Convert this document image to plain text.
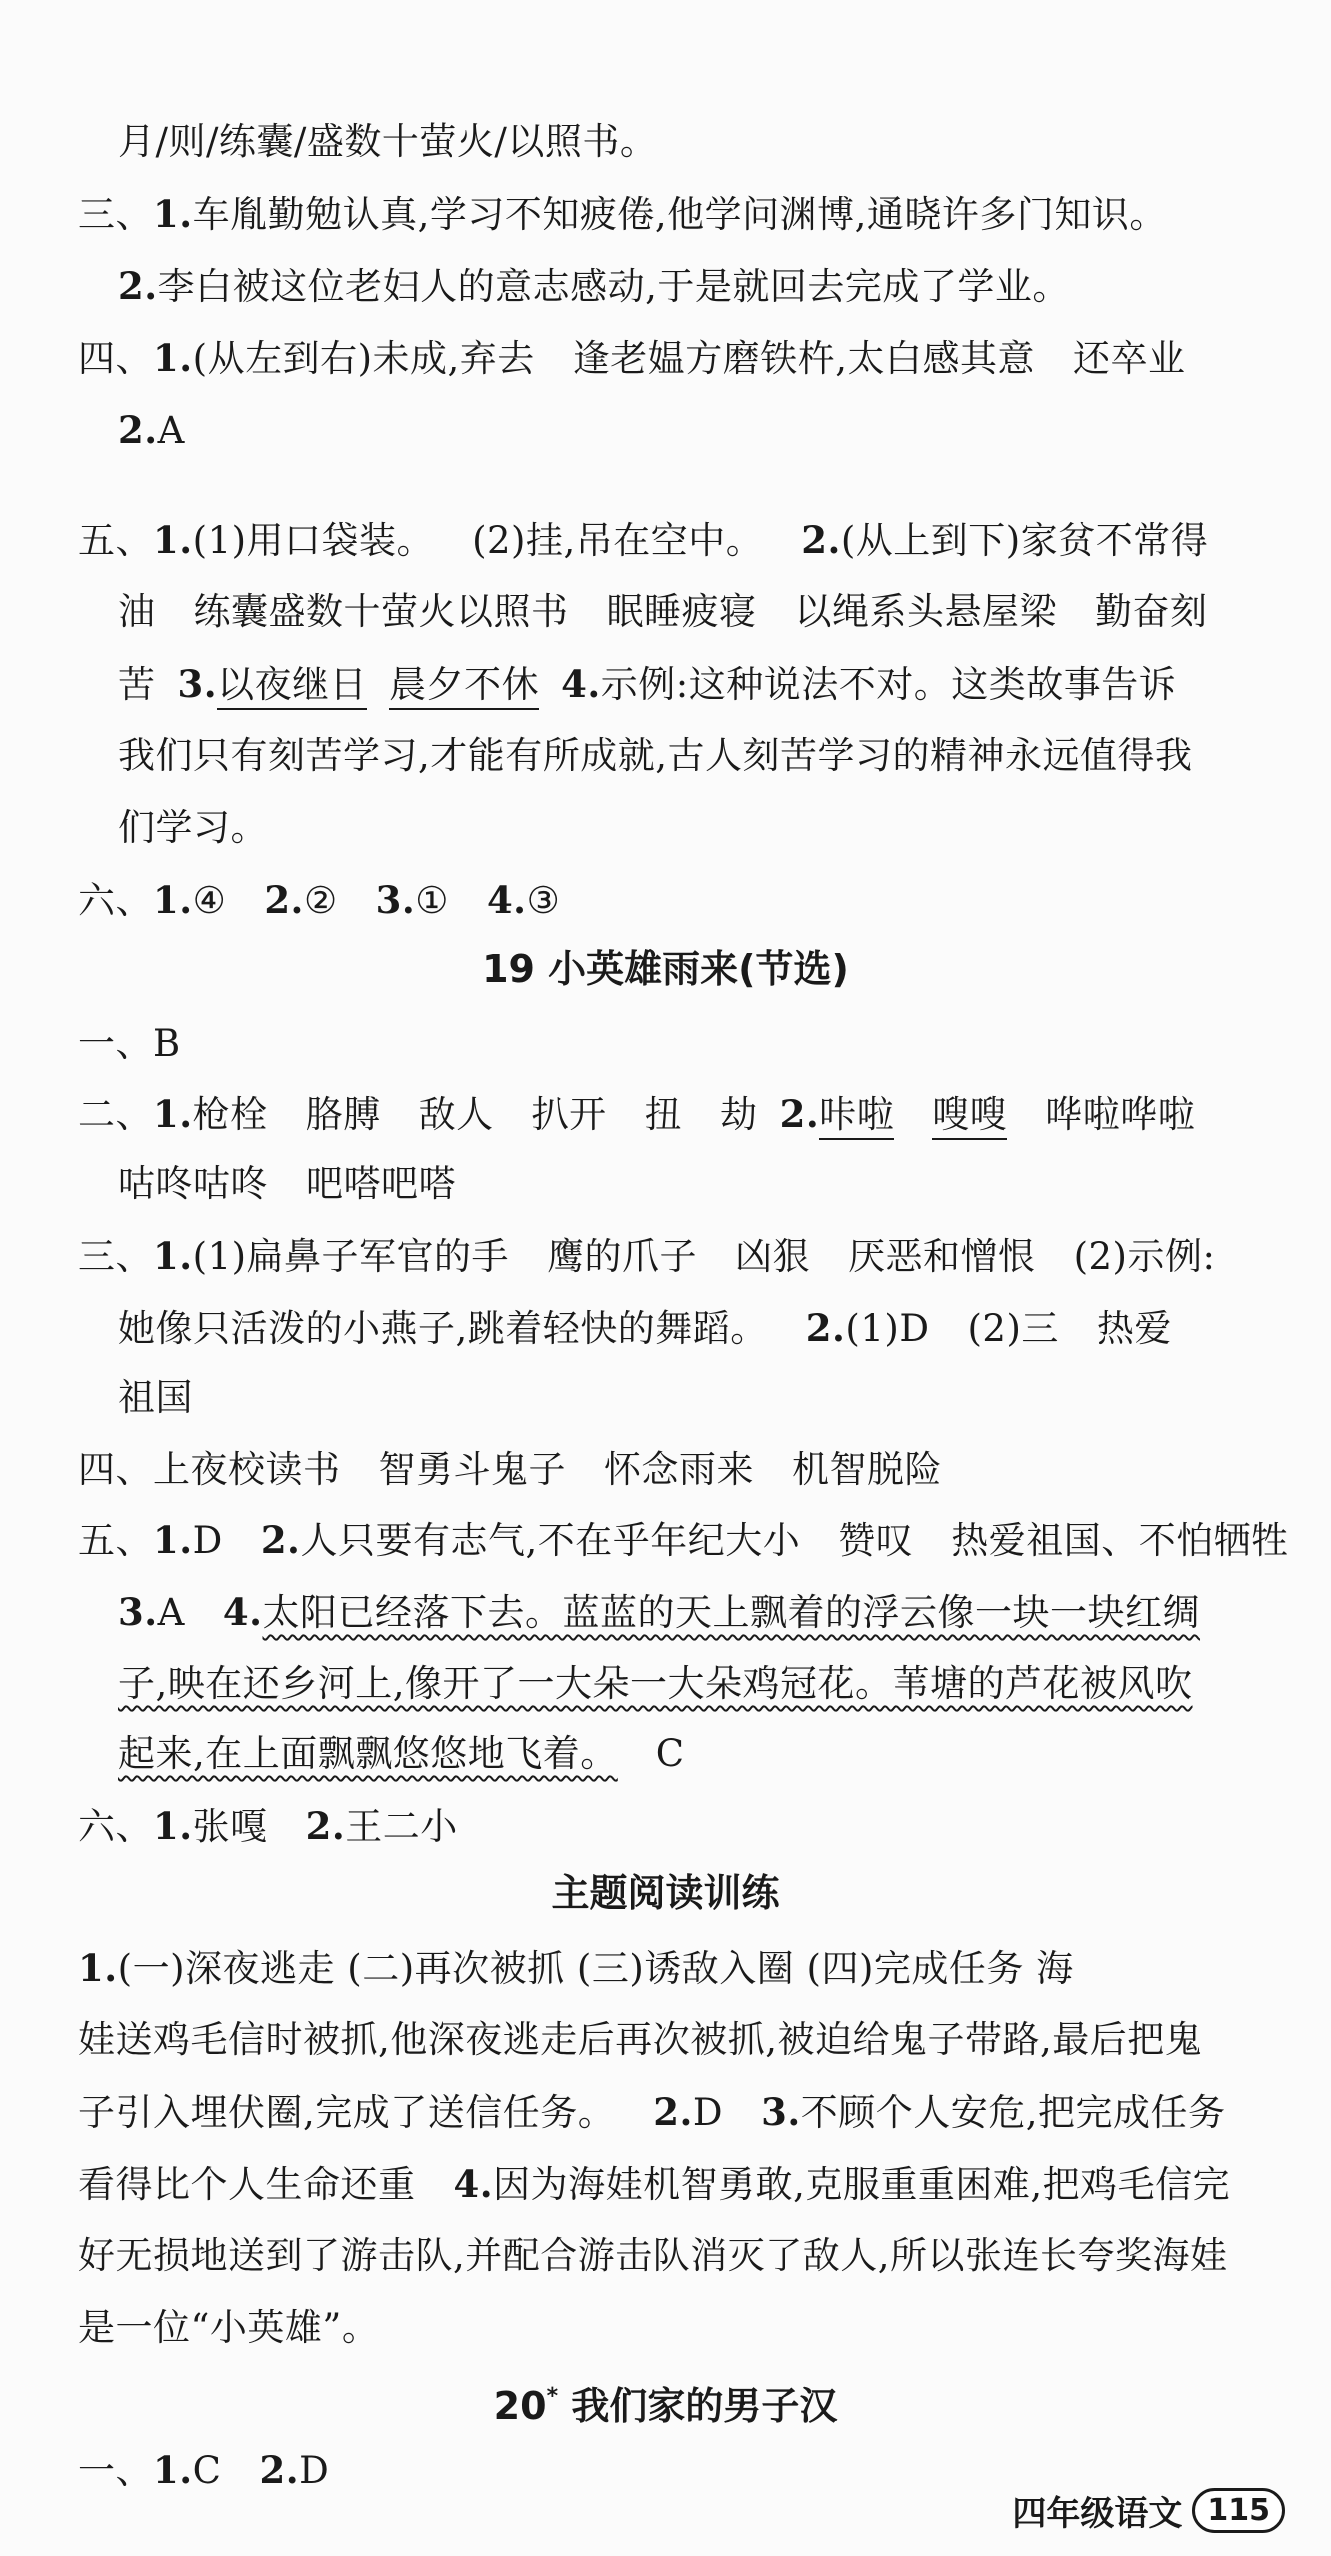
月/则/练囊/盛数十萤火/以照书。
三、1.车胤勤勉认真,学习不知疲倦,他学问渊博,通晓许多门知识。
2.李白被这位老妇人的意志感动,于是就回去完成了学业。
四、1.(从左到右)未成,弃去 逢老媪方磨铁杵,太白感其意 还卒业
2.A
五、1.(1)用口袋装。 (2)挂,吊在空中。 2.(从上到下)家贫不常得
油 练囊盛数十萤火以照书 眠睡疲寝 以绳系头悬屋梁 勤奋刻
苦 3.以夜继日 晨夕不休 4.示例:这种说法不对。这类故事告诉
我们只有刻苦学习,才能有所成就,古人刻苦学习的精神永远值得我
们学习。
六、1.④ 2.② 3.① 4.③
19 小英雄雨来(节选)
一、B
二、1.枪栓 胳膊 敌人 扒开 扭 劫 2.咔啦 嗖嗖 哗啦哗啦
咕咚咕咚 吧嗒吧嗒
三、1.(1)扁鼻子军官的手 鹰的爪子 凶狠 厌恶和憎恨 (2)示例:
她像只活泼的小燕子,跳着轻快的舞蹈。 2.(1)D (2)三 热爱
祖国
四、上夜校读书 智勇斗鬼子 怀念雨来 机智脱险
五、1.D 2.人只要有志气,不在乎年纪大小 赞叹 热爱祖国、不怕牺牲
3.A 4.太阳已经落下去。蓝蓝的天上飘着的浮云像一块一块红绸
子,映在还乡河上,像开了一大朵一大朵鸡冠花。苇塘的芦花被风吹
起来,在上面飘飘悠悠地飞着。 C
六、1.张嘎 2.王二小
主题阅读训练
1.(一)深夜逃走 (二)再次被抓 (三)诱敌入圈 (四)完成任务 海
娃送鸡毛信时被抓,他深夜逃走后再次被抓,被迫给鬼子带路,最后把鬼
子引入埋伏圈,完成了送信任务。 2.D 3.不顾个人安危,把完成任务
看得比个人生命还重 4.因为海娃机智勇敢,克服重重困难,把鸡毛信完
好无损地送到了游击队,并配合游击队消灭了敌人,所以张连长夸奖海娃
是一位“小英雄”。
20* 我们家的男子汉
一、1.C 2.D
四年级语文 115
